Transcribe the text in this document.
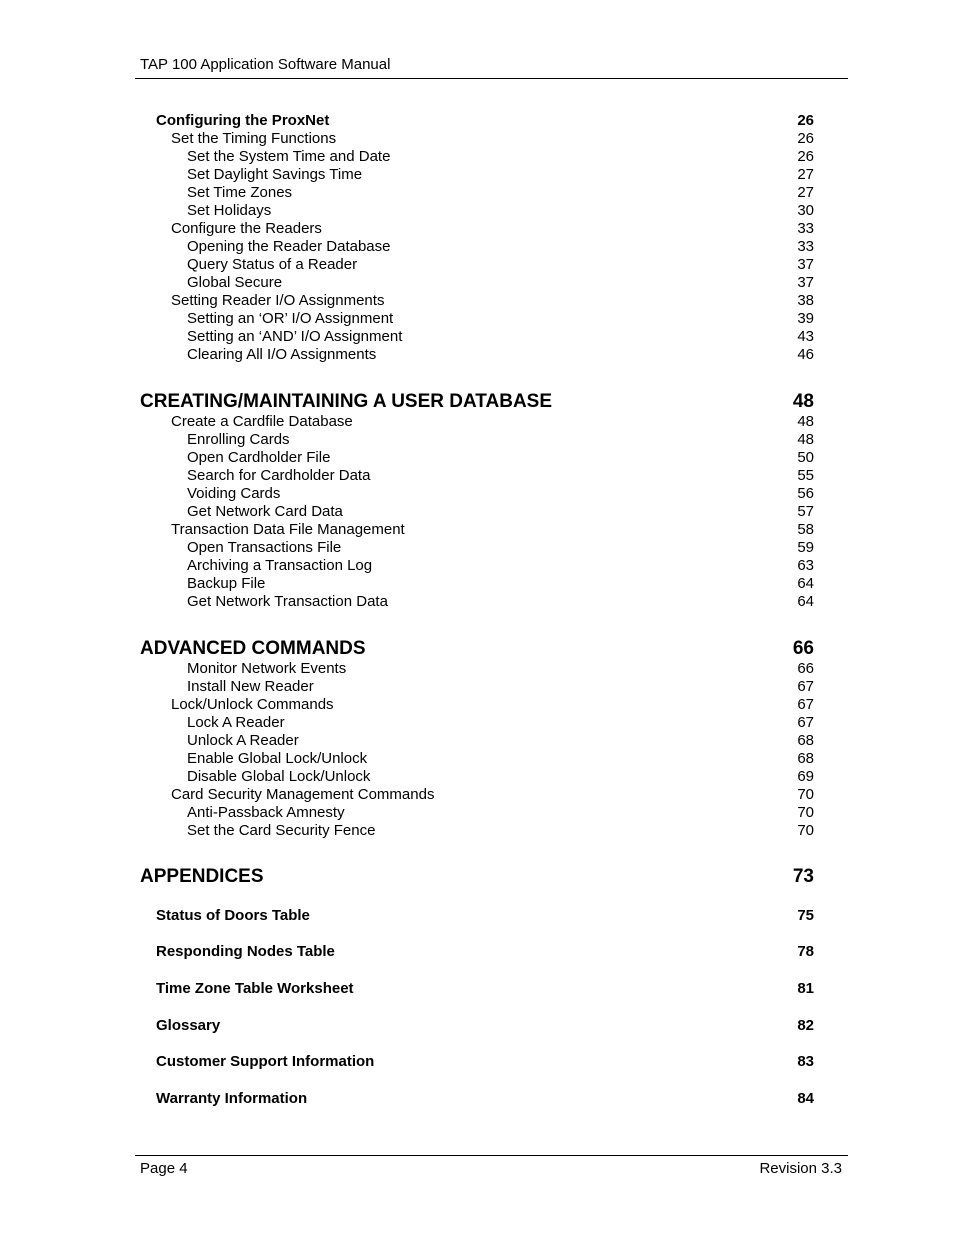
TAP 100 Application Software Manual
Configuring the ProxNet	26
Set the Timing Functions	26
Set the System Time and Date	26
Set Daylight Savings Time	27
Set Time Zones	27
Set Holidays	30
Configure the Readers	33
Opening the Reader Database	33
Query Status of a Reader	37
Global Secure	37
Setting Reader I/O Assignments	38
Setting an ‘OR’ I/O Assignment	39
Setting an ‘AND’ I/O Assignment	43
Clearing All I/O Assignments	46
CREATING/MAINTAINING A USER DATABASE	48
Create a Cardfile Database	48
Enrolling Cards	48
Open Cardholder File	50
Search for Cardholder Data	55
Voiding Cards	56
Get Network Card Data	57
Transaction Data File Management	58
Open Transactions File	59
Archiving a Transaction Log	63
Backup File	64
Get Network Transaction Data	64
ADVANCED COMMANDS	66
Monitor Network Events	66
Install New Reader	67
Lock/Unlock Commands	67
Lock A Reader	67
Unlock A Reader	68
Enable Global Lock/Unlock	68
Disable Global Lock/Unlock	69
Card Security Management Commands	70
Anti-Passback Amnesty	70
Set the Card Security Fence	70
APPENDICES	73
Status of Doors Table	75
Responding Nodes Table	78
Time Zone Table Worksheet	81
Glossary	82
Customer Support Information	83
Warranty Information	84
Page 4	Revision 3.3
